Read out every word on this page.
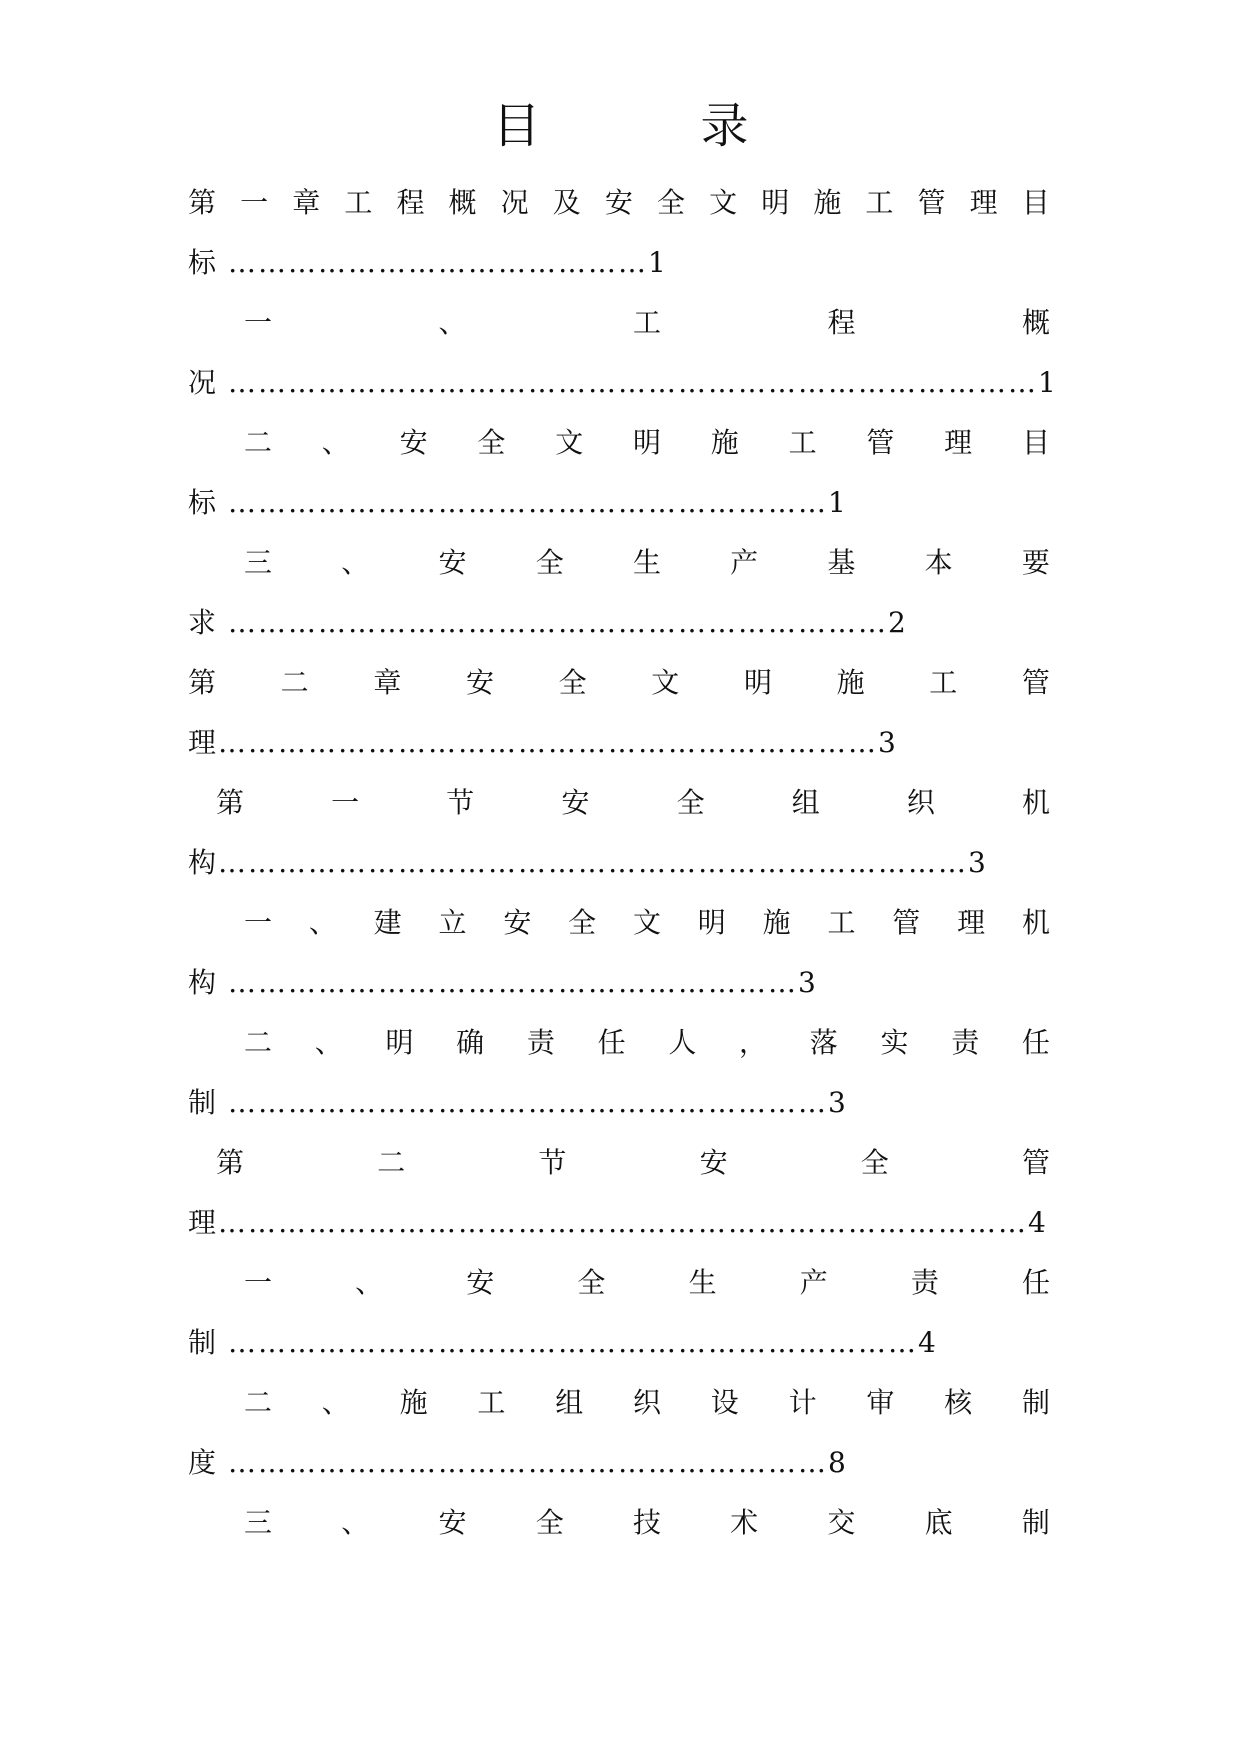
目	录
第 一 章 工 程 概 况 及 安 全 文 明 施 工 管 理 目
标 ……………………………………1
一	、	工	程	概
况 ………………………………………………………………………1
二 、 安 全 文 明 施 工 管 理 目
标 ……………………………………………………1
三 、 安 全 生 产 基 本 要
求 …………………………………………………………2
第 二 章 安 全 文 明 施 工 管
理…………………………………………………………3
第	一	节	安	全	组	织	机
构…………………………………………………………………3
一 、 建 立 安 全 文 明 施 工 管 理 机
构 …………………………………………………3
二 、 明 确 责 任 人 ， 落 实 责 任
制 ……………………………………………………3
第	二	节	安	全	管
理………………………………………………………………………4
一	、	安	全	生	产	责	任
制 ……………………………………………………………4
二 、 施 工 组 织 设 计 审 核 制
度 ……………………………………………………8
三 、 安 全 技 术 交 底 制
